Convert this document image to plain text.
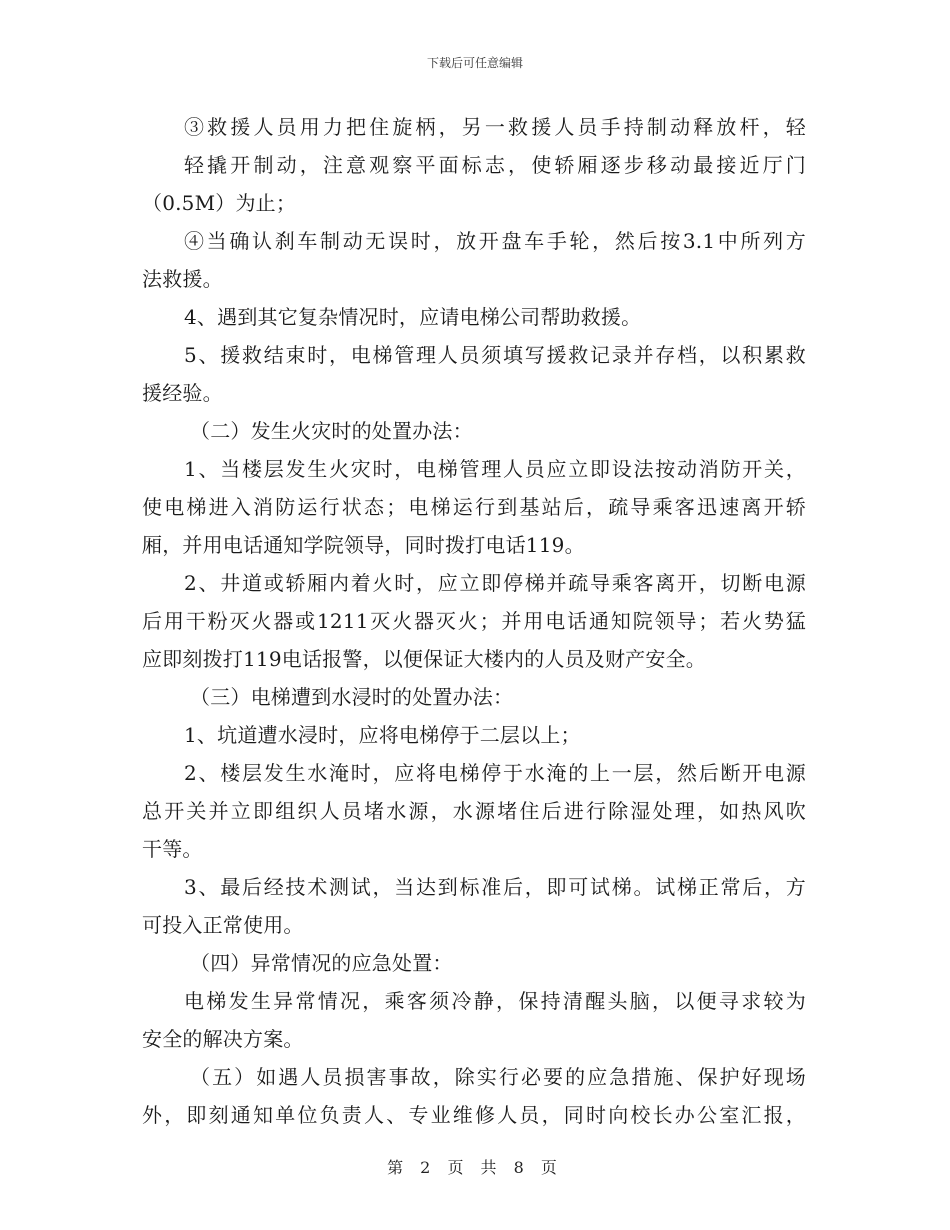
下载后可任意编辑
③救援人员用力把住旋柄，另一救援人员手持制动释放杆，轻
轻撬开制动，注意观察平面标志，使轿厢逐步移动最接近厅门
（0.5M）为止；
④当确认刹车制动无误时，放开盘车手轮，然后按3.1中所列方
法救援。
4、遇到其它复杂情况时，应请电梯公司帮助救援。
5、援救结束时，电梯管理人员须填写援救记录并存档，以积累救
援经验。
（二）发生火灾时的处置办法：
1、当楼层发生火灾时，电梯管理人员应立即设法按动消防开关，
使电梯进入消防运行状态；电梯运行到基站后，疏导乘客迅速离开轿
厢，并用电话通知学院领导，同时拨打电话119。
2、井道或轿厢内着火时，应立即停梯并疏导乘客离开，切断电源
后用干粉灭火器或1211灭火器灭火；并用电话通知院领导；若火势猛
应即刻拨打119电话报警，以便保证大楼内的人员及财产安全。
（三）电梯遭到水浸时的处置办法：
1、坑道遭水浸时，应将电梯停于二层以上；
2、楼层发生水淹时，应将电梯停于水淹的上一层，然后断开电源
总开关并立即组织人员堵水源，水源堵住后进行除湿处理，如热风吹
干等。
3、最后经技术测试，当达到标准后，即可试梯。试梯正常后，方
可投入正常使用。
（四）异常情况的应急处置：
电梯发生异常情况，乘客须冷静，保持清醒头脑，以便寻求较为
安全的解决方案。
（五）如遇人员损害事故，除实行必要的应急措施、保护好现场
外，即刻通知单位负责人、专业维修人员，同时向校长办公室汇报，
第 2 页 共 8 页
